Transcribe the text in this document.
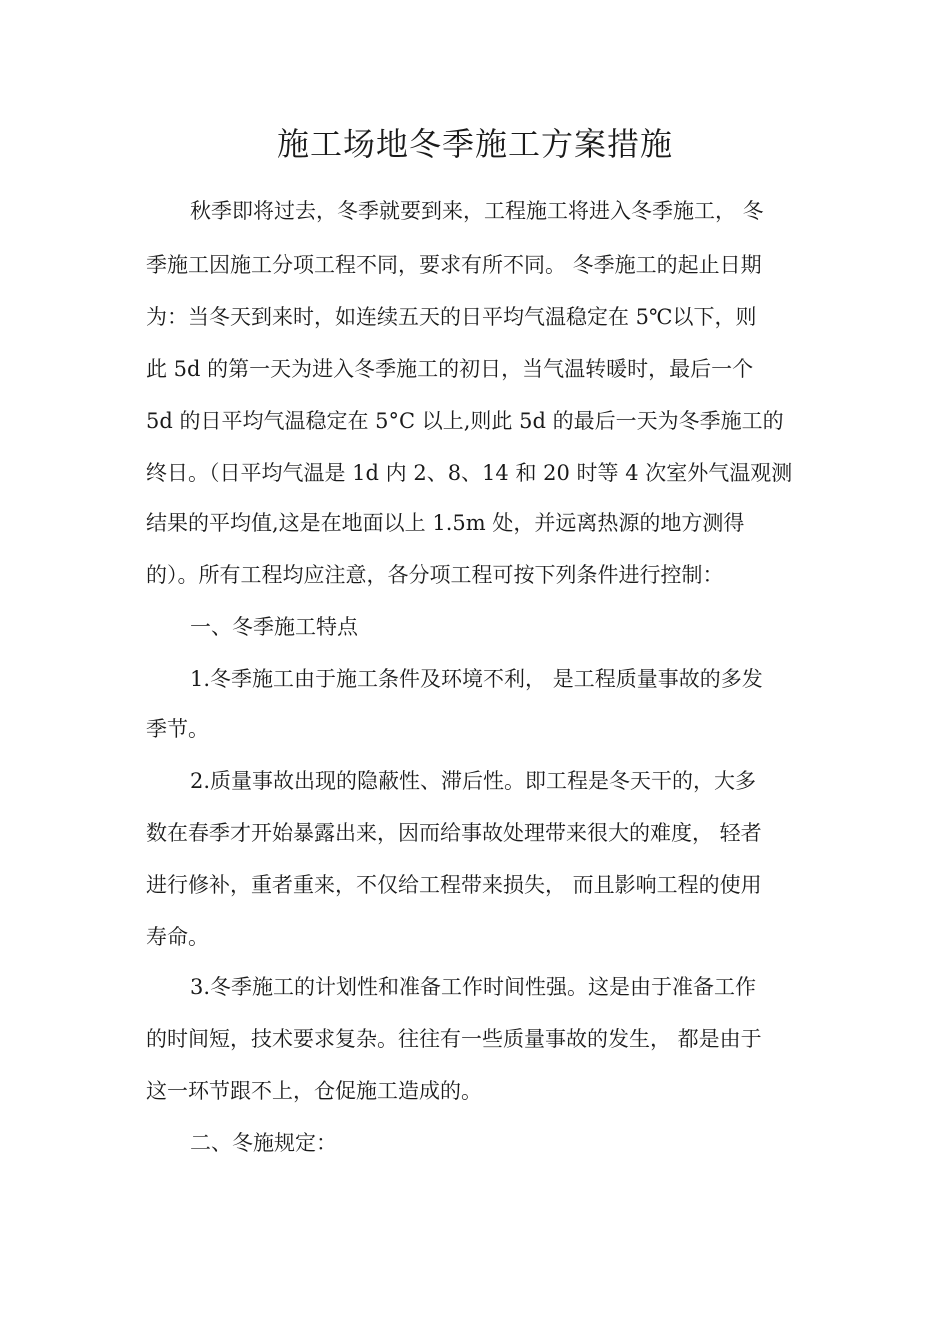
施工场地冬季施工方案措施

秋季即将过去，冬季就要到来，工程施工将进入冬季施工， 冬

季施工因施工分项工程不同，要求有所不同。 冬季施工的起止日期

为：当冬天到来时，如连续五天的日平均气温稳定在 5℃以下，则

此 5d 的第一天为进入冬季施工的初日，当气温转暖时，最后一个

5d 的日平均气温稳定在 5°C 以上,则此 5d 的最后一天为冬季施工的

终日。（日平均气温是 1d 内 2、8、14 和 20 时等 4 次室外气温观测

结果的平均值,这是在地面以上 1.5m 处，并远离热源的地方测得

的）。所有工程均应注意，各分项工程可按下列条件进行控制：

一、冬季施工特点

1.冬季施工由于施工条件及环境不利， 是工程质量事故的多发

季节。

2.质量事故出现的隐蔽性、滞后性。即工程是冬天干的，大多

数在春季才开始暴露出来，因而给事故处理带来很大的难度， 轻者

进行修补，重者重来，不仅给工程带来损失， 而且影响工程的使用

寿命。

3.冬季施工的计划性和准备工作时间性强。这是由于准备工作

的时间短，技术要求复杂。往往有一些质量事故的发生， 都是由于

这一环节跟不上，仓促施工造成的。

二、冬施规定：
